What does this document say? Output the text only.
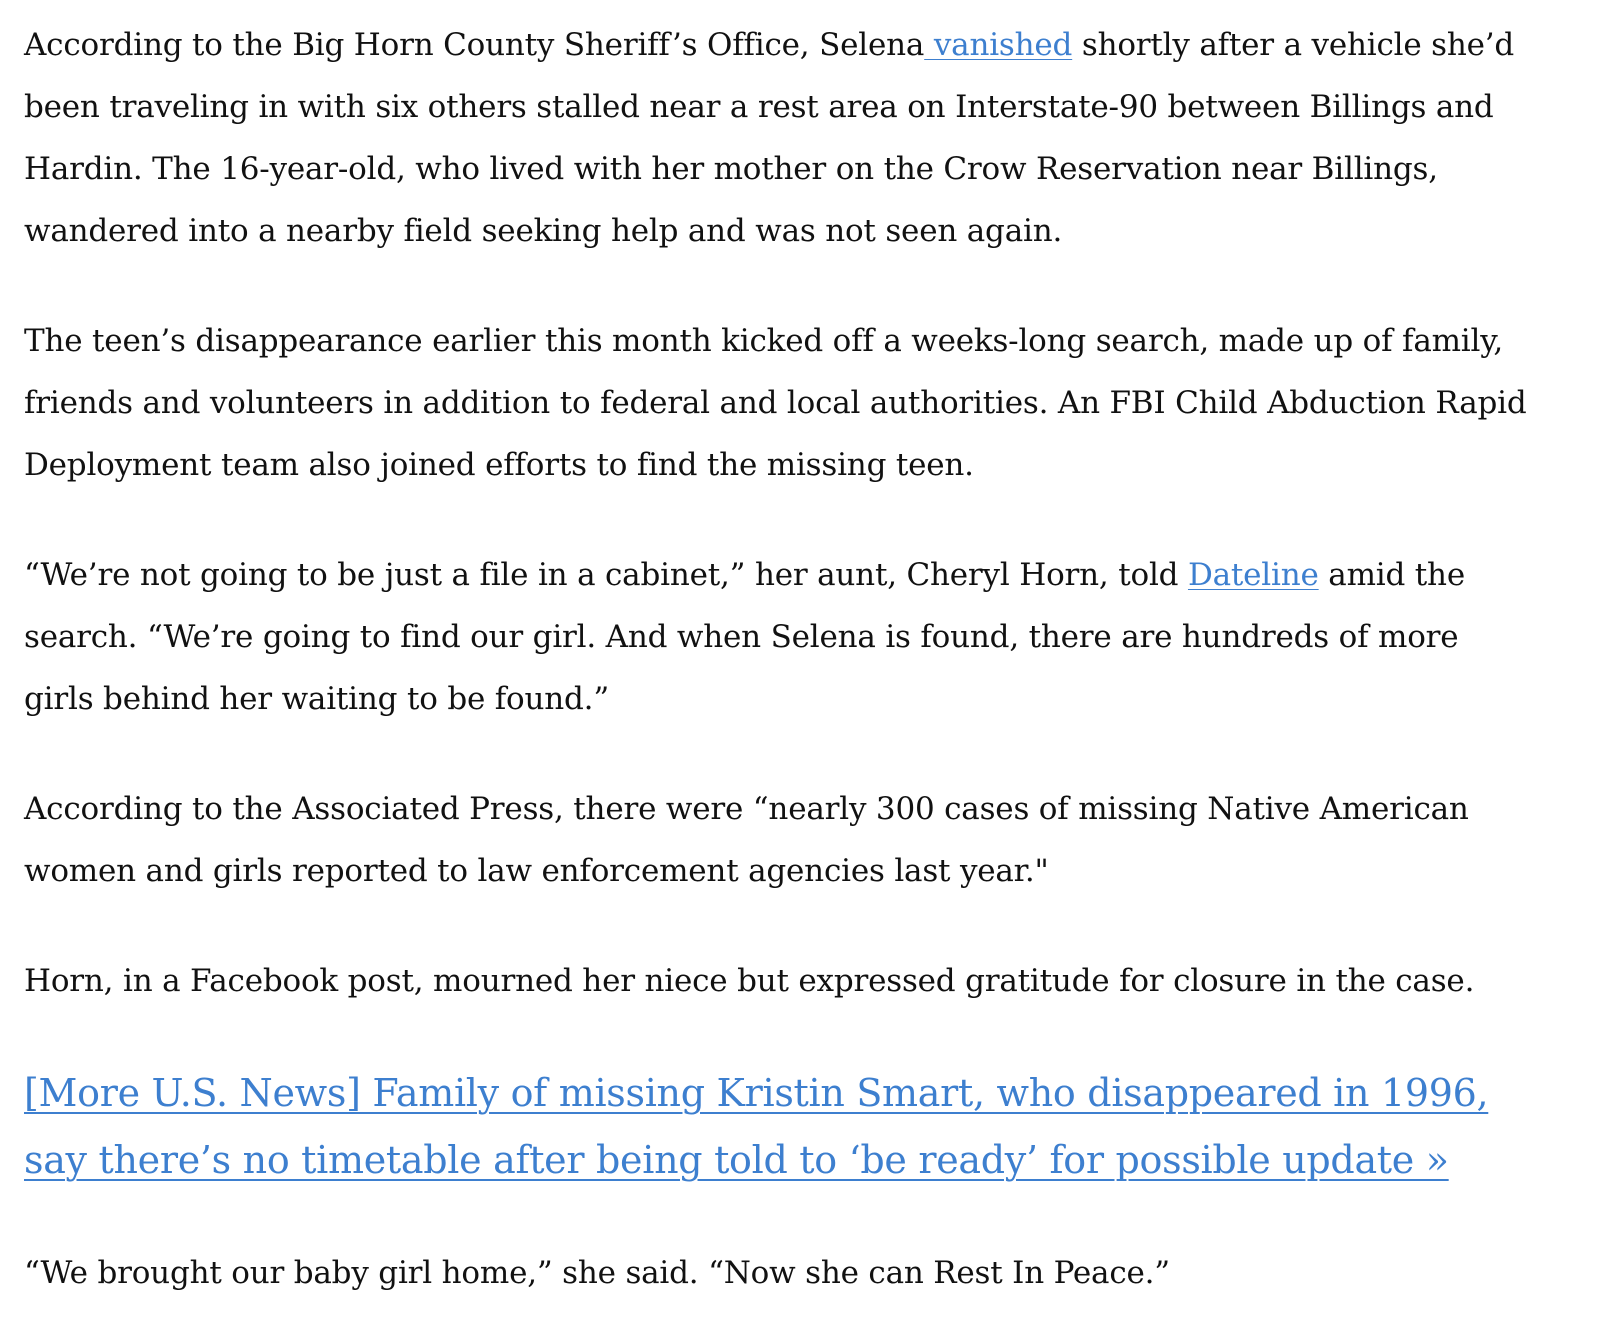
According to the Big Horn County Sheriff’s Office, Selena vanished shortly after a vehicle she’d been traveling in with six others stalled near a rest area on Interstate-90 between Billings and Hardin. The 16-year-old, who lived with her mother on the Crow Reservation near Billings, wandered into a nearby field seeking help and was not seen again.

The teen’s disappearance earlier this month kicked off a weeks-long search, made up of family, friends and volunteers in addition to federal and local authorities. An FBI Child Abduction Rapid Deployment team also joined efforts to find the missing teen.

“We’re not going to be just a file in a cabinet,” her aunt, Cheryl Horn, told Dateline amid the search. “We’re going to find our girl. And when Selena is found, there are hundreds of more girls behind her waiting to be found.”

According to the Associated Press, there were “nearly 300 cases of missing Native American women and girls reported to law enforcement agencies last year."

Horn, in a Facebook post, mourned her niece but expressed gratitude for closure in the case.

[More U.S. News] Family of missing Kristin Smart, who disappeared in 1996, say there’s no timetable after being told to ‘be ready’ for possible update »

“We brought our baby girl home,” she said. “Now she can Rest In Peace.”
